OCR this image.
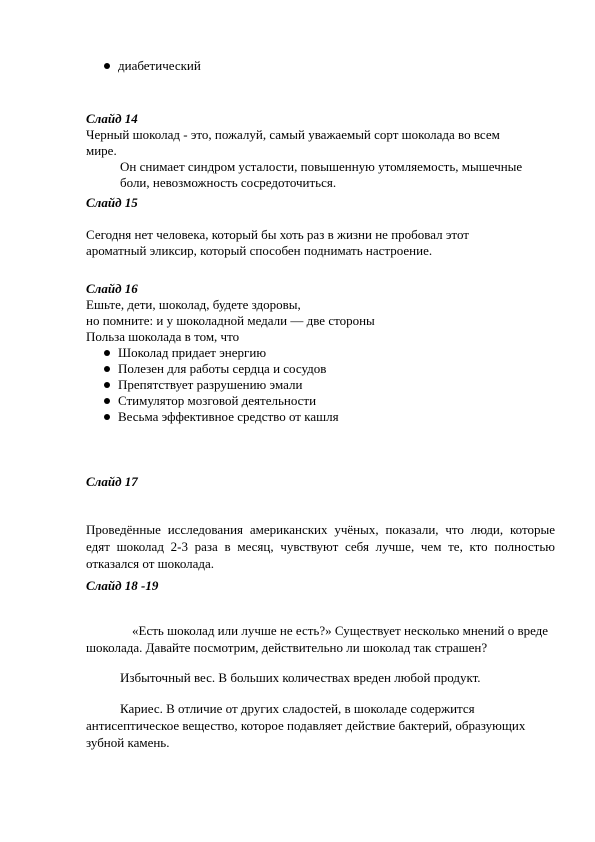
диабетический
Слайд 14
Черный шоколад - это, пожалуй, самый уважаемый сорт шоколада во всем
мире.
Он снимает синдром усталости, повышенную утомляемость, мышечные
боли, невозможность сосредоточиться.
Слайд 15
Сегодня нет человека, который бы хоть раз в жизни не пробовал этот
ароматный эликсир, который способен поднимать настроение.
Слайд 16
Ешьте, дети, шоколад, будете здоровы,
но помните: и у шоколадной медали — две стороны
Польза шоколада в том, что
Шоколад придает энергию
Полезен для работы сердца и сосудов
Препятствует разрушению эмали
Стимулятор мозговой деятельности
Весьма эффективное средство от кашля
Слайд 17
Проведённые исследования американских учёных, показали, что люди, которые едят шоколад 2-3 раза в месяц, чувствуют себя лучше, чем те, кто полностью отказался от шоколада.
Слайд 18 -19
«Есть шоколад или лучше не есть?» Существует несколько мнений о вреде шоколада. Давайте посмотрим, действительно ли шоколад так страшен?
Избыточный вес. В больших количествах вреден любой продукт.
Кариес. В отличие от других сладостей, в шоколаде содержится антисептическое вещество, которое подавляет действие бактерий, образующих зубной камень.
